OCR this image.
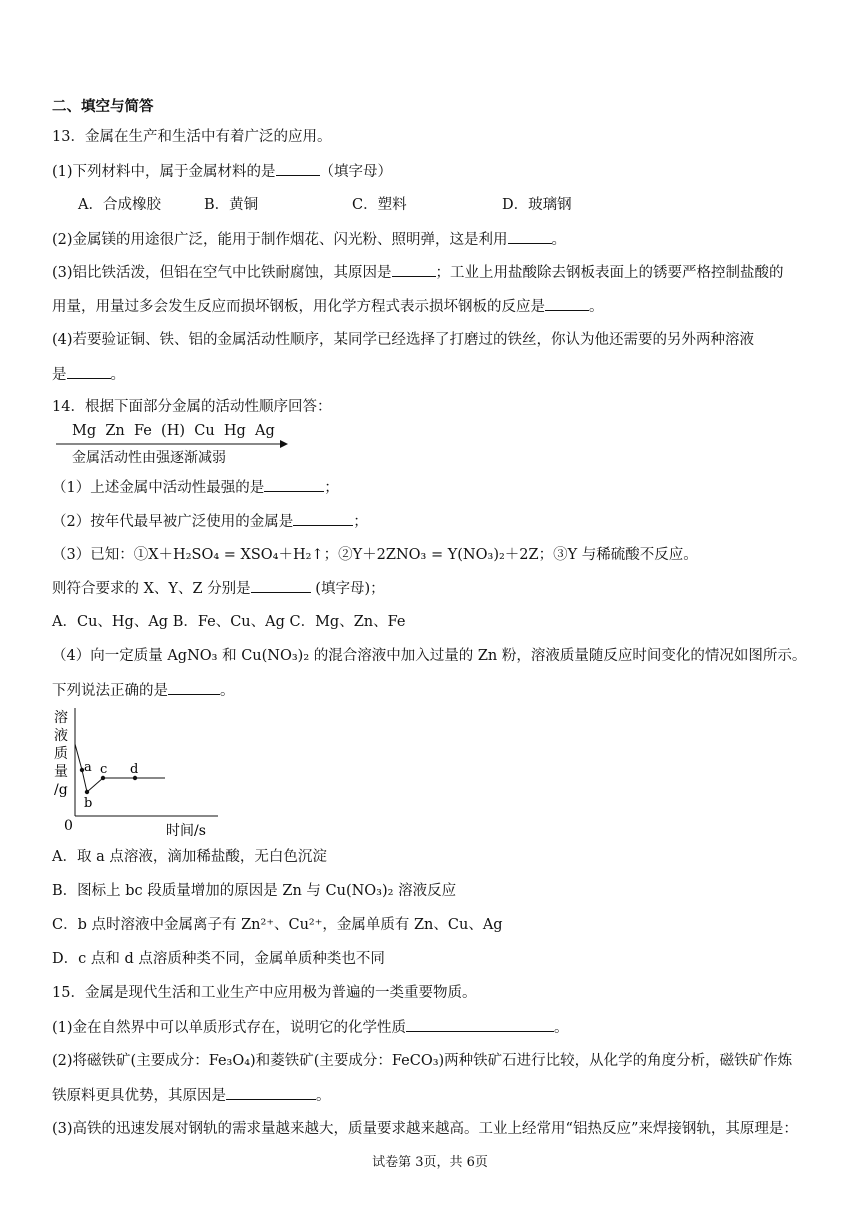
二、填空与简答
13．金属在生产和生活中有着广泛的应用。
(1)下列材料中，属于金属材料的是	（填字母）
A．合成橡胶	B．黄铜	C．塑料	D．玻璃钢
(2)金属镁的用途很广泛，能用于制作烟花、闪光粉、照明弹，这是利用	。
(3)铝比铁活泼，但铝在空气中比铁耐腐蚀，其原因是	；工业上用盐酸除去钢板表面上的锈要严格控制盐酸的
用量，用量过多会发生反应而损坏钢板，用化学方程式表示损坏钢板的反应是	。
(4)若要验证铜、铁、铝的金属活动性顺序，某同学已经选择了打磨过的铁丝，你认为他还需要的另外两种溶液
是	。
14．根据下面部分金属的活动性顺序回答：
Mg  Zn  Fe  (H)  Cu  Hg  Ag
金属活动性由强逐渐减弱
（1）上述金属中活动性最强的是	；
（2）按年代最早被广泛使用的金属是	；
（3）已知：①X＋H₂SO₄ = XSO₄＋H₂↑；②Y＋2ZNO₃ = Y(NO₃)₂＋2Z；③Y 与稀硫酸不反应。
则符合要求的 X、Y、Z 分别是	(填字母)；
A．Cu、Hg、Ag B．Fe、Cu、Ag C．Mg、Zn、Fe
（4）向一定质量 AgNO₃ 和 Cu(NO₃)₂ 的混合溶液中加入过量的 Zn 粉，溶液质量随反应时间变化的情况如图所示。
下列说法正确的是	。
溶
液
质
量
/g
0	时间/s
a
b
c d
A．取 a 点溶液，滴加稀盐酸，无白色沉淀
B．图标上 bc 段质量增加的原因是 Zn 与 Cu(NO₃)₂ 溶液反应
C．b 点时溶液中金属离子有 Zn²⁺、Cu²⁺，金属单质有 Zn、Cu、Ag
D．c 点和 d 点溶质种类不同，金属单质种类也不同
15．金属是现代生活和工业生产中应用极为普遍的一类重要物质。
(1)金在自然界中可以单质形式存在，说明它的化学性质	。
(2)将磁铁矿(主要成分：Fe₃O₄)和菱铁矿(主要成分：FeCO₃)两种铁矿石进行比较，从化学的角度分析，磁铁矿作炼
铁原料更具优势，其原因是	。
(3)高铁的迅速发展对钢轨的需求量越来越大，质量要求越来越高。工业上经常用“铝热反应”来焊接钢轨，其原理是：
试卷第 3页，共 6页
